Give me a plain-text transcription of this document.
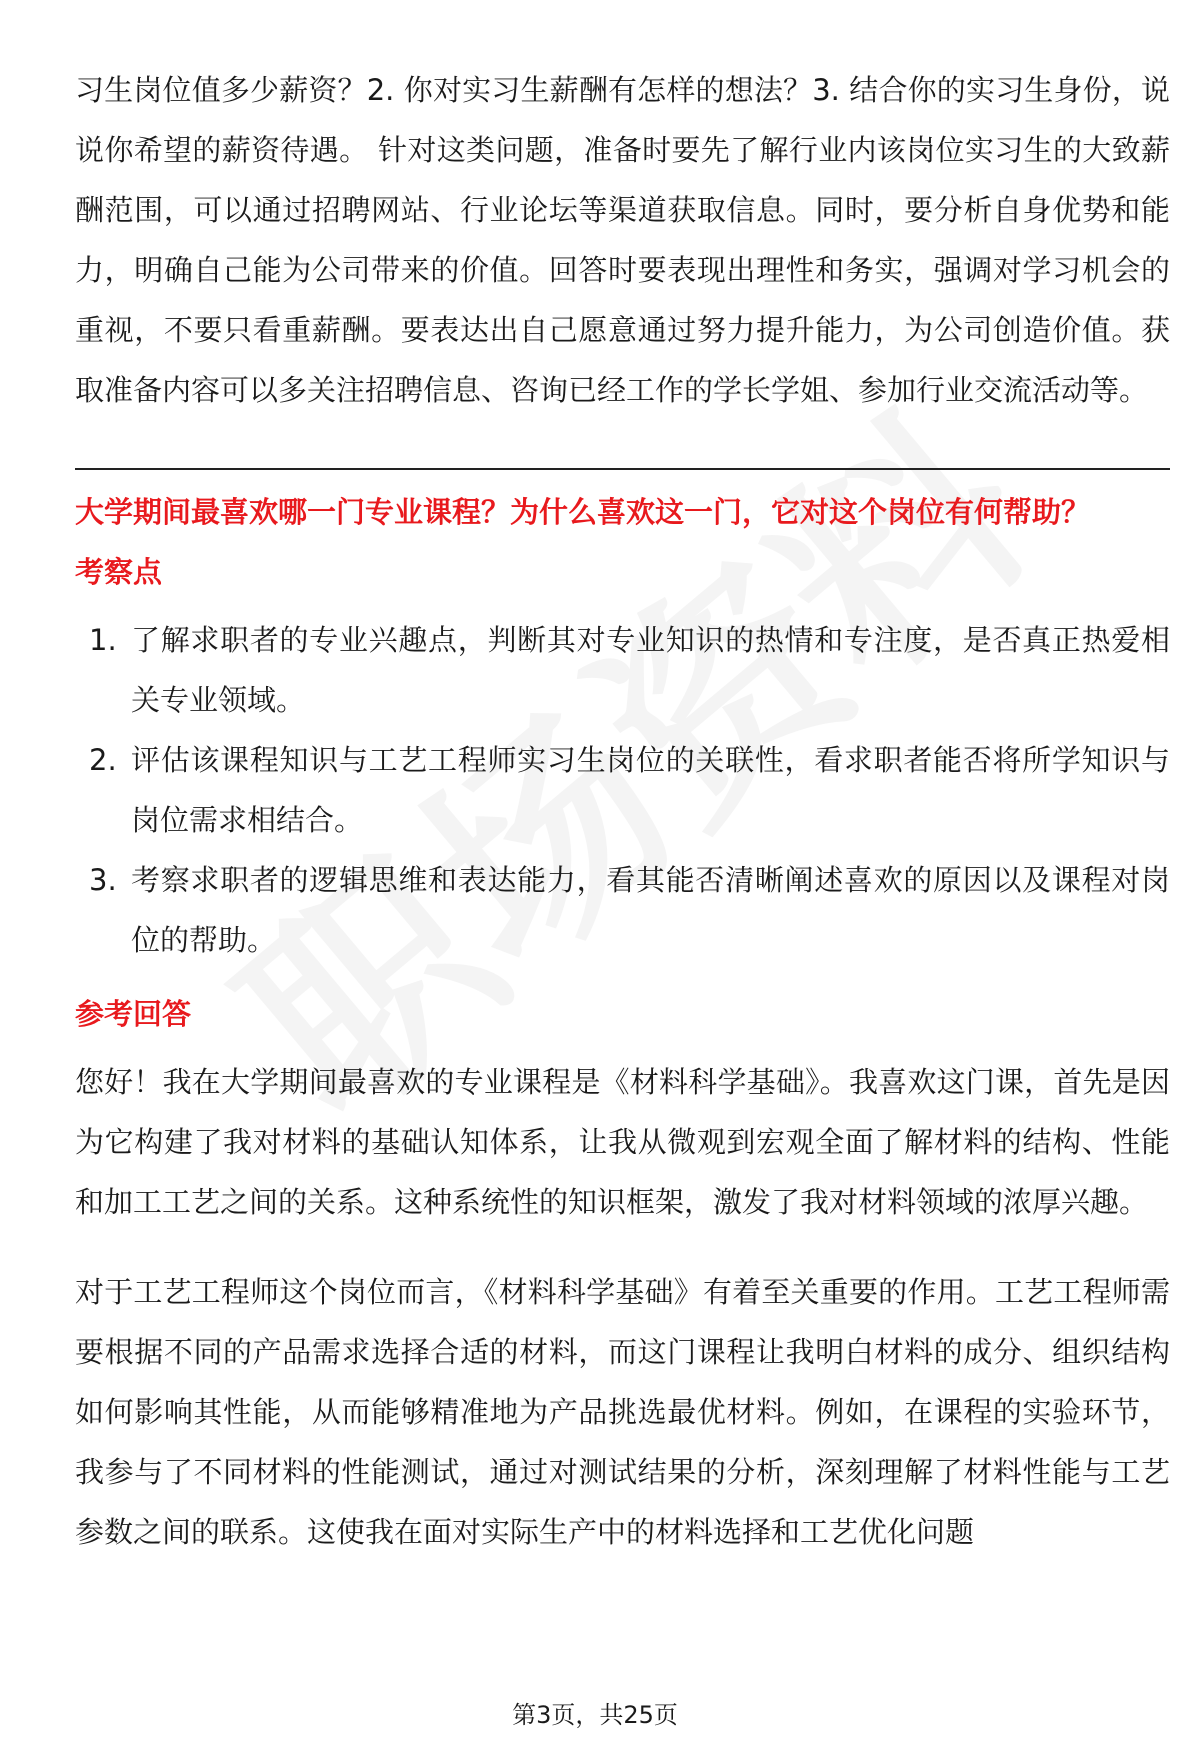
习生岗位值多少薪资？2. 你对实习生薪酬有怎样的想法？3. 结合你的实习生身份，说说你希望的薪资待遇。 针对这类问题，准备时要先了解行业内该岗位实习生的大致薪酬范围，可以通过招聘网站、行业论坛等渠道获取信息。同时，要分析自身优势和能力，明确自己能为公司带来的价值。回答时要表现出理性和务实，强调对学习机会的重视，不要只看重薪酬。要表达出自己愿意通过努力提升能力，为公司创造价值。获取准备内容可以多关注招聘信息、咨询已经工作的学长学姐、参加行业交流活动等。

大学期间最喜欢哪一门专业课程？为什么喜欢这一门，它对这个岗位有何帮助？

考察点

1. 了解求职者的专业兴趣点，判断其对专业知识的热情和专注度，是否真正热爱相关专业领域。
2. 评估该课程知识与工艺工程师实习生岗位的关联性，看求职者能否将所学知识与岗位需求相结合。
3. 考察求职者的逻辑思维和表达能力，看其能否清晰阐述喜欢的原因以及课程对岗位的帮助。

参考回答

您好！我在大学期间最喜欢的专业课程是《材料科学基础》。我喜欢这门课，首先是因为它构建了我对材料的基础认知体系，让我从微观到宏观全面了解材料的结构、性能和加工工艺之间的关系。这种系统性的知识框架，激发了我对材料领域的浓厚兴趣。

对于工艺工程师这个岗位而言，《材料科学基础》有着至关重要的作用。工艺工程师需要根据不同的产品需求选择合适的材料，而这门课程让我明白材料的成分、组织结构如何影响其性能，从而能够精准地为产品挑选最优材料。例如，在课程的实验环节，我参与了不同材料的性能测试，通过对测试结果的分析，深刻理解了材料性能与工艺参数之间的联系。这使我在面对实际生产中的材料选择和工艺优化问题

第3页，共25页
